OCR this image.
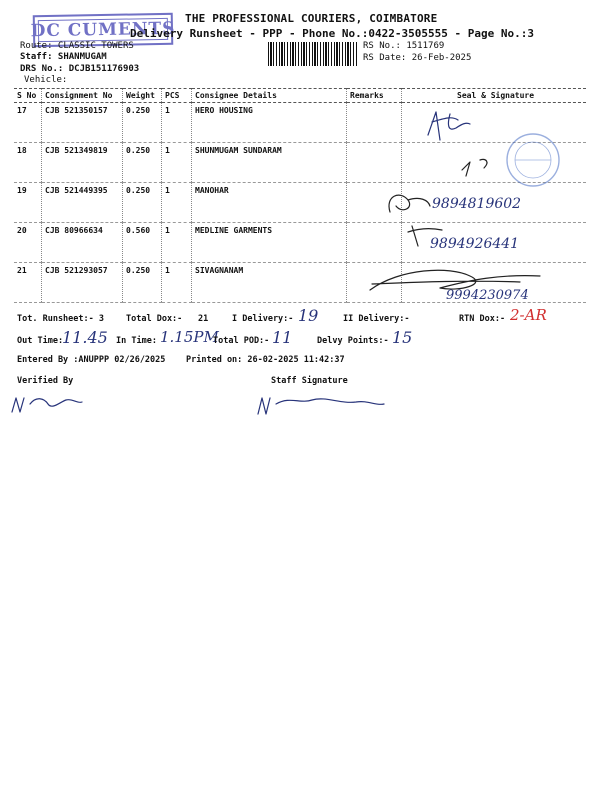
DC CUMENTS
THE PROFESSIONAL COURIERS, COIMBATORE
Delivery Runsheet - PPP - Phone No.:0422-3505555 - Page No.:3
Route: CLASSIC TOWERS
Staff: SHANMUGAM
DRS No.: DCJB151176903
Vehicle:
RS No.: 1511769
RS Date: 26-Feb-2025
S No	Consignment No	Weight	PCS	Consignee Details	Remarks	Seal & Signature
17	CJB 521350157	0.250	1	HERO HOUSING		
18	CJB 521349819	0.250	1	SHUNMUGAM SUNDARAM		
19	CJB 521449395	0.250	1	MANOHAR		
20	CJB 80966634	0.560	1	MEDLINE GARMENTS		
21	CJB 521293057	0.250	1	SIVAGNANAM		
9894819602
9894926441
9994230974
Tot. Runsheet:- 3	Total Dox:- 21	I Delivery:- 19	II Delivery:-	RTN Dox:- 2-AR
Out Time:
11.45 In Time: 1.15PM
Total POD:- 11	Delvy Points:- 15
Entered By :ANUPPP 02/26/2025 Printed on: 26-02-2025 11:42:37
Verified By	Staff Signature
